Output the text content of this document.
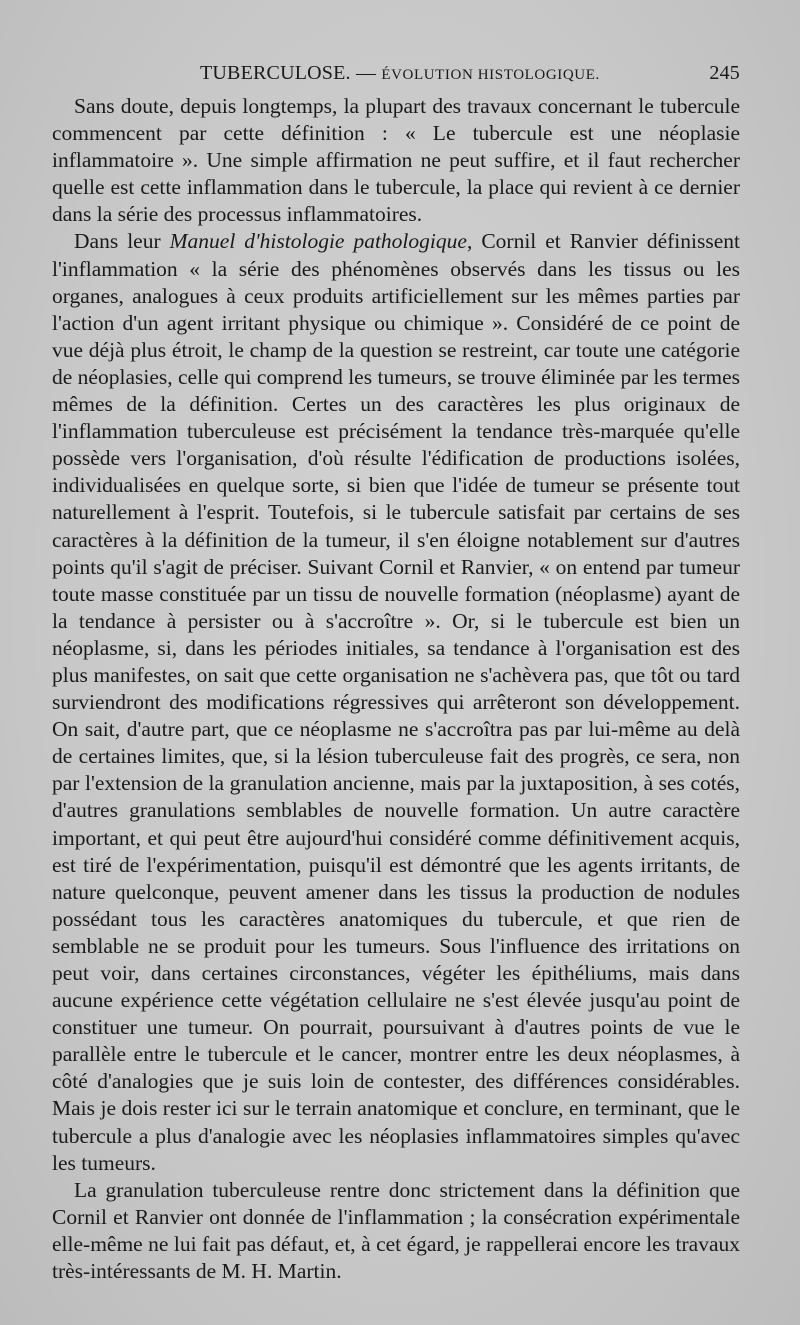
TUBERCULOSE. — ÉVOLUTION HISTOLOGIQUE.	245

Sans doute, depuis longtemps, la plupart des travaux concernant le tubercule commencent par cette définition : « Le tubercule est une néoplasie inflammatoire ». Une simple affirmation ne peut suffire, et il faut rechercher quelle est cette inflammation dans le tubercule, la place qui revient à ce dernier dans la série des processus inflammatoires.

Dans leur Manuel d'histologie pathologique, Cornil et Ranvier définissent l'inflammation « la série des phénomènes observés dans les tissus ou les organes, analogues à ceux produits artificiellement sur les mêmes parties par l'action d'un agent irritant physique ou chimique ». Considéré de ce point de vue déjà plus étroit, le champ de la question se restreint, car toute une catégorie de néoplasies, celle qui comprend les tumeurs, se trouve éliminée par les termes mêmes de la définition. Certes un des caractères les plus originaux de l'inflammation tuberculeuse est précisément la tendance très-marquée qu'elle possède vers l'organisation, d'où résulte l'édification de productions isolées, individualisées en quelque sorte, si bien que l'idée de tumeur se présente tout naturellement à l'esprit. Toutefois, si le tubercule satisfait par certains de ses caractères à la définition de la tumeur, il s'en éloigne notablement sur d'autres points qu'il s'agit de préciser. Suivant Cornil et Ranvier, « on entend par tumeur toute masse constituée par un tissu de nouvelle formation (néoplasme) ayant de la tendance à persister ou à s'accroître ». Or, si le tubercule est bien un néoplasme, si, dans les périodes initiales, sa tendance à l'organisation est des plus manifestes, on sait que cette organisation ne s'achèvera pas, que tôt ou tard surviendront des modifications régressives qui arrêteront son développement. On sait, d'autre part, que ce néoplasme ne s'accroîtra pas par lui-même au delà de certaines limites, que, si la lésion tuberculeuse fait des progrès, ce sera, non par l'extension de la granulation ancienne, mais par la juxtaposition, à ses cotés, d'autres granulations semblables de nouvelle formation. Un autre caractère important, et qui peut être aujourd'hui considéré comme définitivement acquis, est tiré de l'expérimentation, puisqu'il est démontré que les agents irritants, de nature quelconque, peuvent amener dans les tissus la production de nodules possédant tous les caractères anatomiques du tubercule, et que rien de semblable ne se produit pour les tumeurs. Sous l'influence des irritations on peut voir, dans certaines circonstances, végéter les épithéliums, mais dans aucune expérience cette végétation cellulaire ne s'est élevée jusqu'au point de constituer une tumeur. On pourrait, poursuivant à d'autres points de vue le parallèle entre le tubercule et le cancer, montrer entre les deux néoplasmes, à côté d'analogies que je suis loin de contester, des différences considérables. Mais je dois rester ici sur le terrain anatomique et conclure, en terminant, que le tubercule a plus d'analogie avec les néoplasies inflammatoires simples qu'avec les tumeurs.

La granulation tuberculeuse rentre donc strictement dans la définition que Cornil et Ranvier ont donnée de l'inflammation ; la consécration expérimentale elle-même ne lui fait pas défaut, et, à cet égard, je rappellerai encore les travaux très-intéressants de M. H. Martin.
